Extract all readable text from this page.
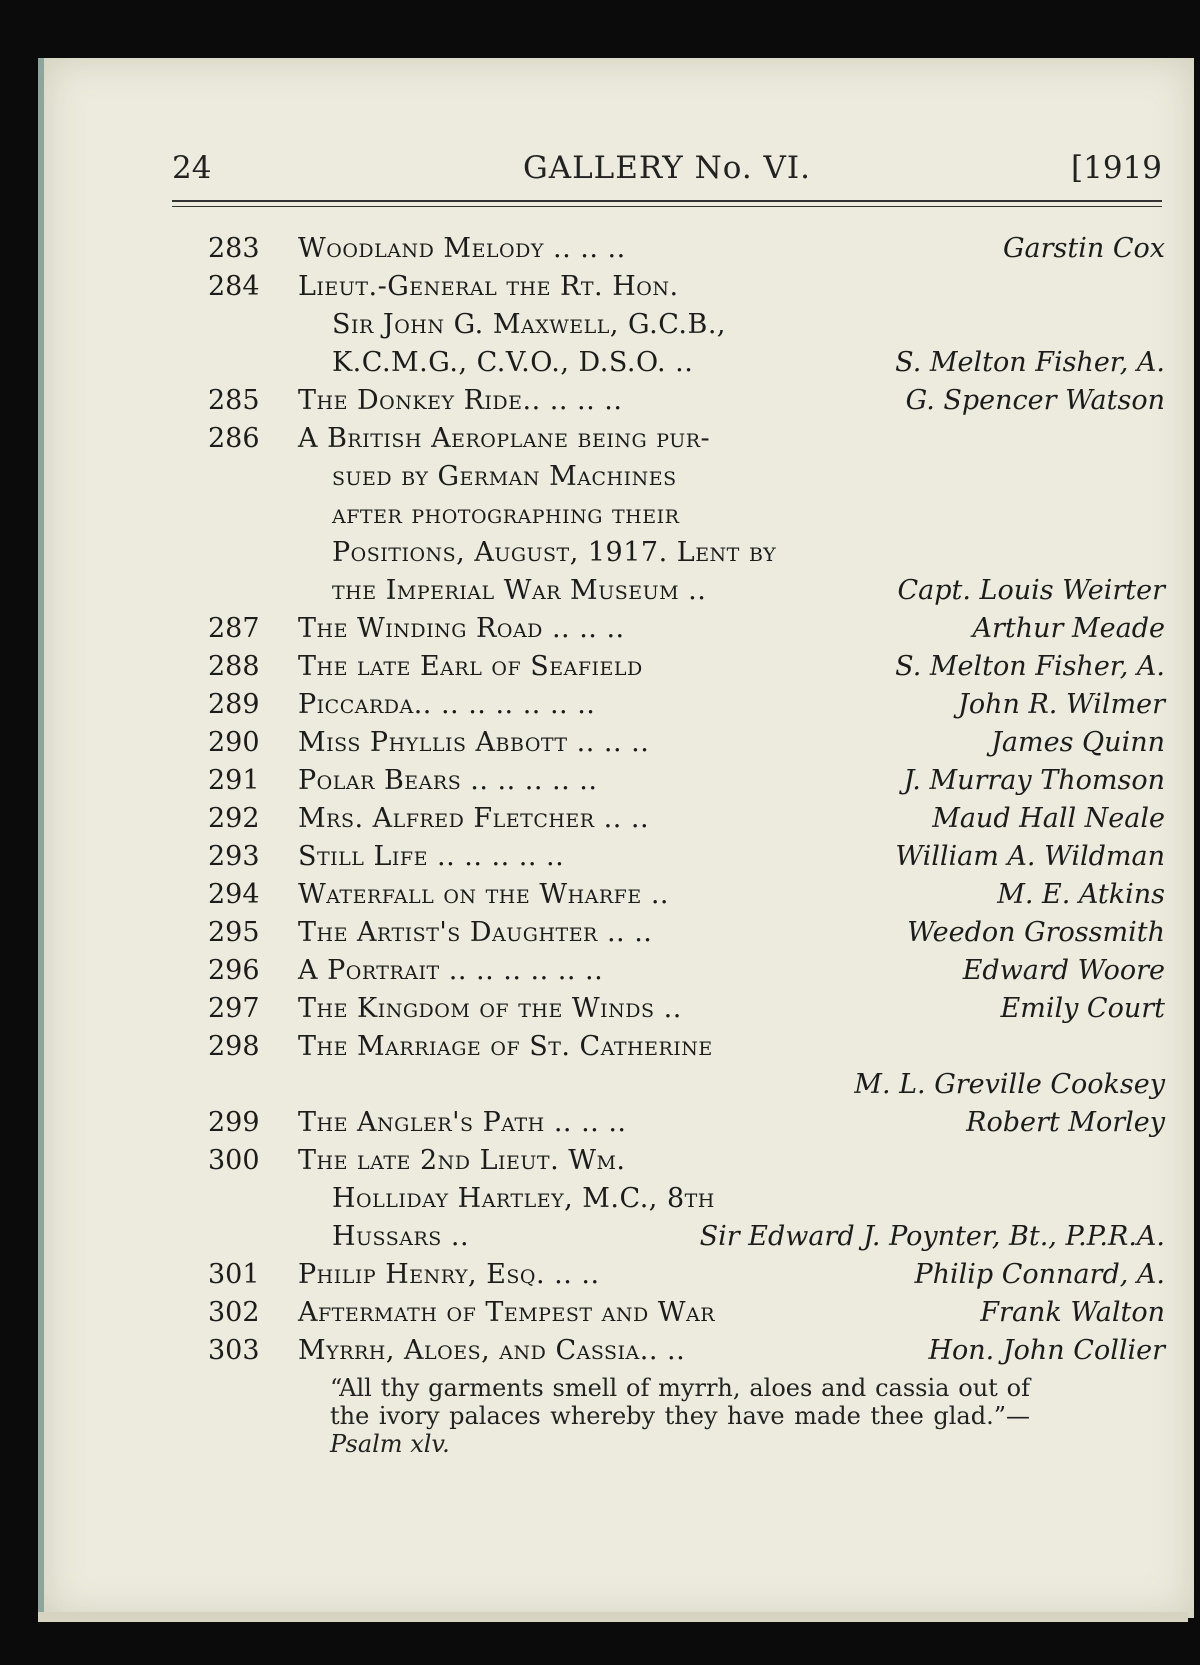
24	GALLERY No. VI.	[1919
283 Woodland Melody .. .. ..	Garstin Cox
284 Lieut.-General the Rt. Hon.
Sir John G. Maxwell, G.C.B.,
K.C.M.G., C.V.O., D.S.O. ..	S. Melton Fisher, A.
285 The Donkey Ride.. .. .. ..	G. Spencer Watson
286 A British Aeroplane being pur-
sued by German Machines
after photographing their
Positions, August, 1917. Lent by
the Imperial War Museum ..	Capt. Louis Weirter
287 The Winding Road .. .. ..	Arthur Meade
288 The late Earl of Seafield	S. Melton Fisher, A.
289 Piccarda.. .. .. .. .. .. ..	John R. Wilmer
290 Miss Phyllis Abbott .. .. ..	James Quinn
291 Polar Bears .. .. .. .. ..	J. Murray Thomson
292 Mrs. Alfred Fletcher .. ..	Maud Hall Neale
293 Still Life .. .. .. .. ..	William A. Wildman
294 Waterfall on the Wharfe ..	M. E. Atkins
295 The Artist's Daughter .. ..	Weedon Grossmith
296 A Portrait .. .. .. .. .. ..	Edward Woore
297 The Kingdom of the Winds ..	Emily Court
298 The Marriage of St. Catherine
M. L. Greville Cooksey
299 The Angler's Path .. .. ..	Robert Morley
300 The late 2nd Lieut. Wm.
Holliday Hartley, M.C., 8th
Hussars ..	Sir Edward J. Poynter, Bt., P.P.R.A.
301 Philip Henry, Esq. .. ..	Philip Connard, A.
302 Aftermath of Tempest and War	Frank Walton
303 Myrrh, Aloes, and Cassia.. ..	Hon. John Collier
“All thy garments smell of myrrh, aloes and cassia out of the ivory palaces whereby they have made thee glad.”—Psalm xlv.
